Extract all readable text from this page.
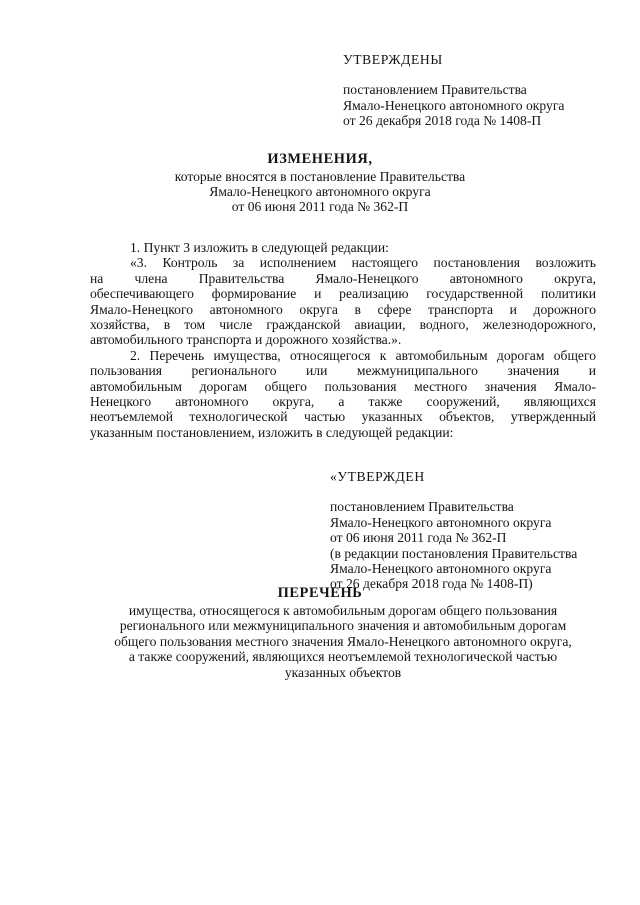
УТВЕРЖДЕНЫ
постановлением Правительства
Ямало-Ненецкого автономного округа
от 26 декабря 2018 года № 1408-П
ИЗМЕНЕНИЯ,
которые вносятся в постановление Правительства
Ямало-Ненецкого автономного округа
от 06 июня 2011 года № 362-П
1. Пункт 3 изложить в следующей редакции:
«3. Контроль за исполнением настоящего постановления возложить
на члена Правительства Ямало-Ненецкого автономного округа,
обеспечивающего формирование и реализацию государственной политики
Ямало-Ненецкого автономного округа в сфере транспорта и дорожного
хозяйства, в том числе гражданской авиации, водного, железнодорожного,
автомобильного транспорта и дорожного хозяйства.».
2. Перечень имущества, относящегося к автомобильным дорогам общего
пользования регионального или межмуниципального значения и
автомобильным дорогам общего пользования местного значения Ямало-
Ненецкого автономного округа, а также сооружений, являющихся
неотъемлемой технологической частью указанных объектов, утвержденный
указанным постановлением, изложить в следующей редакции:
«УТВЕРЖДЕН
постановлением Правительства
Ямало-Ненецкого автономного округа
от 06 июня 2011 года № 362-П
(в редакции постановления Правительства
Ямало-Ненецкого автономного округа
от 26 декабря 2018 года № 1408-П)
ПЕРЕЧЕНЬ
имущества, относящегося к автомобильным дорогам общего пользования
регионального или межмуниципального значения и автомобильным дорогам
общего пользования местного значения Ямало-Ненецкого автономного округа,
а также сооружений, являющихся неотъемлемой технологической частью
указанных объектов
